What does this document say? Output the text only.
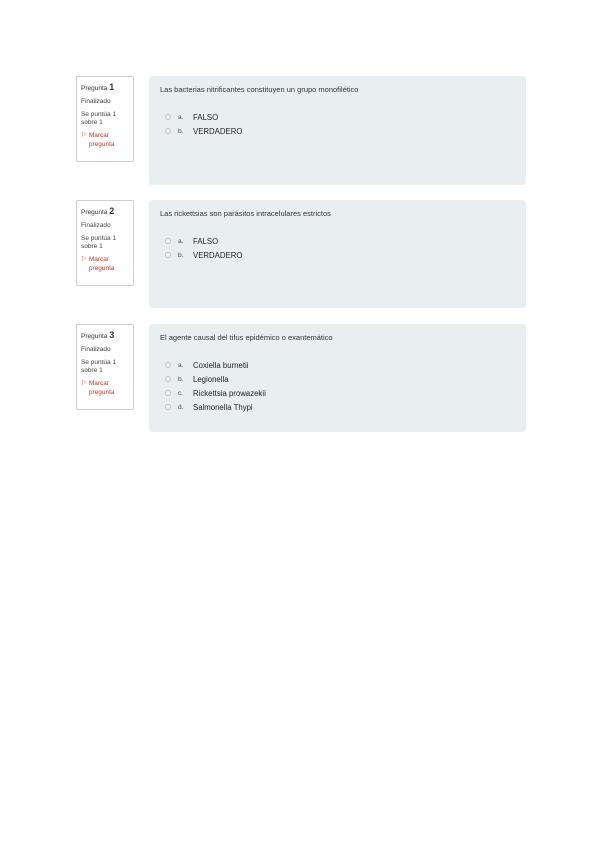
Pregunta 1
Finalizado
Se puntúa 1
sobre 1
⚐ Marcar
pregunta

Las bacterias nitrificantes constituyen un grupo monofilético

a.	FALSO
b.	VERDADERO
Pregunta 2
Finalizado
Se puntúa 1
sobre 1
⚐ Marcar
pregunta

Las rickettsias son parásitos intracelulares estrictos

a.	FALSO
b.	VERDADERO
Pregunta 3
Finalizado
Se puntúa 1
sobre 1
⚐ Marcar
pregunta

El agente causal del tifus epidémico o exantemático

a.	Coxiella burnetii
b.	Legionella
c.	Rickettsia prowazekii
d.	Salmonella Thypi
